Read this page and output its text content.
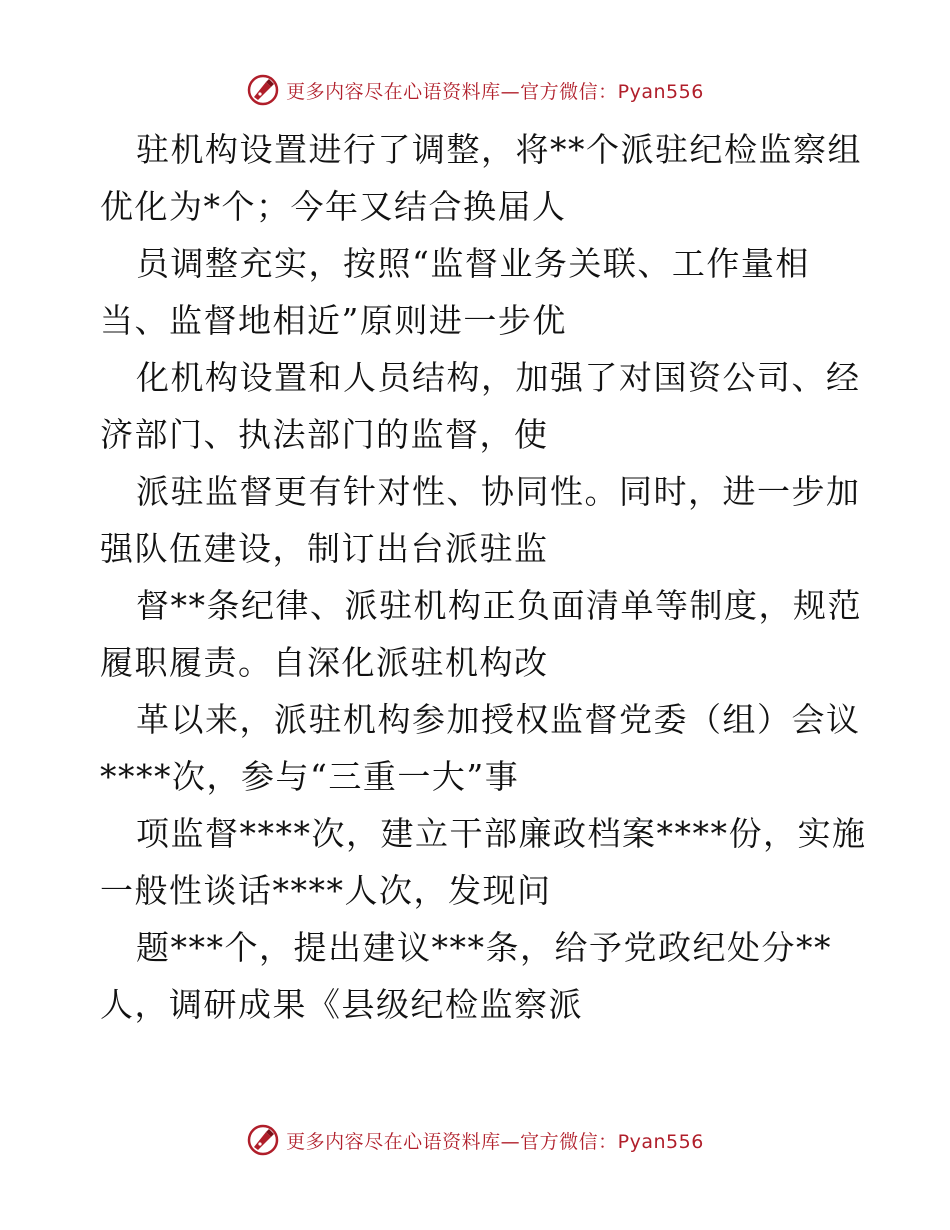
更多内容尽在心语资料库—官方微信：Pyan556
驻机构设置进行了调整，将**个派驻纪检监察组
优化为*个；今年又结合换届人
员调整充实，按照“监督业务关联、工作量相
当、监督地相近”原则进一步优
化机构设置和人员结构，加强了对国资公司、经
济部门、执法部门的监督，使
派驻监督更有针对性、协同性。同时，进一步加
强队伍建设，制订出台派驻监
督**条纪律、派驻机构正负面清单等制度，规范
履职履责。自深化派驻机构改
革以来，派驻机构参加授权监督党委（组）会议
****次，参与“三重一大”事
项监督****次，建立干部廉政档案****份，实施
一般性谈话****人次，发现问
题***个，提出建议***条，给予党政纪处分**
人，调研成果《县级纪检监察派
更多内容尽在心语资料库—官方微信：Pyan556
